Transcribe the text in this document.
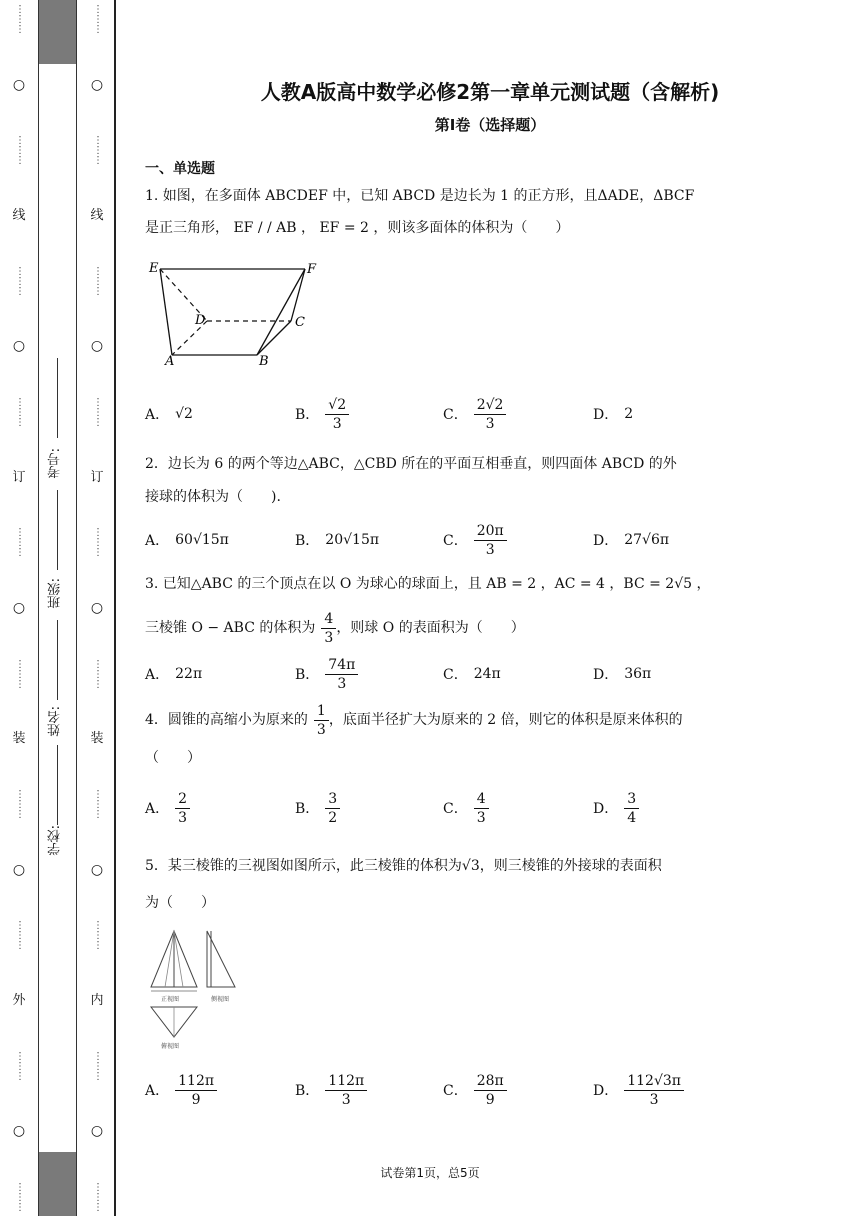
⋯⋯⋯
○
⋯⋯⋯
线
⋯⋯⋯
○
⋯⋯⋯
订
⋯⋯⋯
○
⋯⋯⋯
装
⋯⋯⋯
○
⋯⋯⋯
外
⋯⋯⋯
○
⋯⋯⋯
考号:
班级:
姓名:
学校:
⋯⋯⋯
○
⋯⋯⋯
线
⋯⋯⋯
○
⋯⋯⋯
订
⋯⋯⋯
○
⋯⋯⋯
装
⋯⋯⋯
○
⋯⋯⋯
内
⋯⋯⋯
○
⋯⋯⋯
人教A版高中数学必修2第一章单元测试题（含解析)
第I卷（选择题）
一、单选题
1. 如图，在多面体 ABCDEF 中，已知 ABCD 是边长为 1 的正方形，且ΔADE，ΔBCF
是正三角形， EF / / AB ， EF = 2 ，则该多面体的体积为（　　）
E	F
D	C
A	B
A． √2	B． $\frac{√2}{3}$	C． $\frac{2√2}{3}$	D． 2
2．边长为 6 的两个等边△ABC，△CBD 所在的平面互相垂直，则四面体 ABCD 的外
接球的体积为（　　).
A． 60√15π	B． 20√15π	C． $\frac{20\pi}{3}$	D． 27√6π
3. 已知△ABC 的三个顶点在以 O 为球心的球面上，且 AB = 2 ，AC = 4 ，BC = 2√5 ，
三棱锥 O − ABC 的体积为 $\frac{4}{3}$ ，则球 O 的表面积为（　　）
A． 22π	B． $\frac{74\pi}{3}$	C． 24π	D． 36π
4．圆锥的高缩小为原来的 $\frac{1}{3}$ ，底面半径扩大为原来的 2 倍，则它的体积是原来体积的
（　　）
A． $\frac{2}{3}$	B． $\frac{3}{2}$	C． $\frac{4}{3}$	D． $\frac{3}{4}$
5．某三棱锥的三视图如图所示，此三棱锥的体积为√3，则三棱锥的外接球的表面积
为（　　）
正视图	侧视图
俯视图
A． $\frac{112\pi}{9}$	B． $\frac{112\pi}{3}$	C． $\frac{28\pi}{9}$	D． $\frac{112√3\pi}{3}$
试卷第1页，总5页
